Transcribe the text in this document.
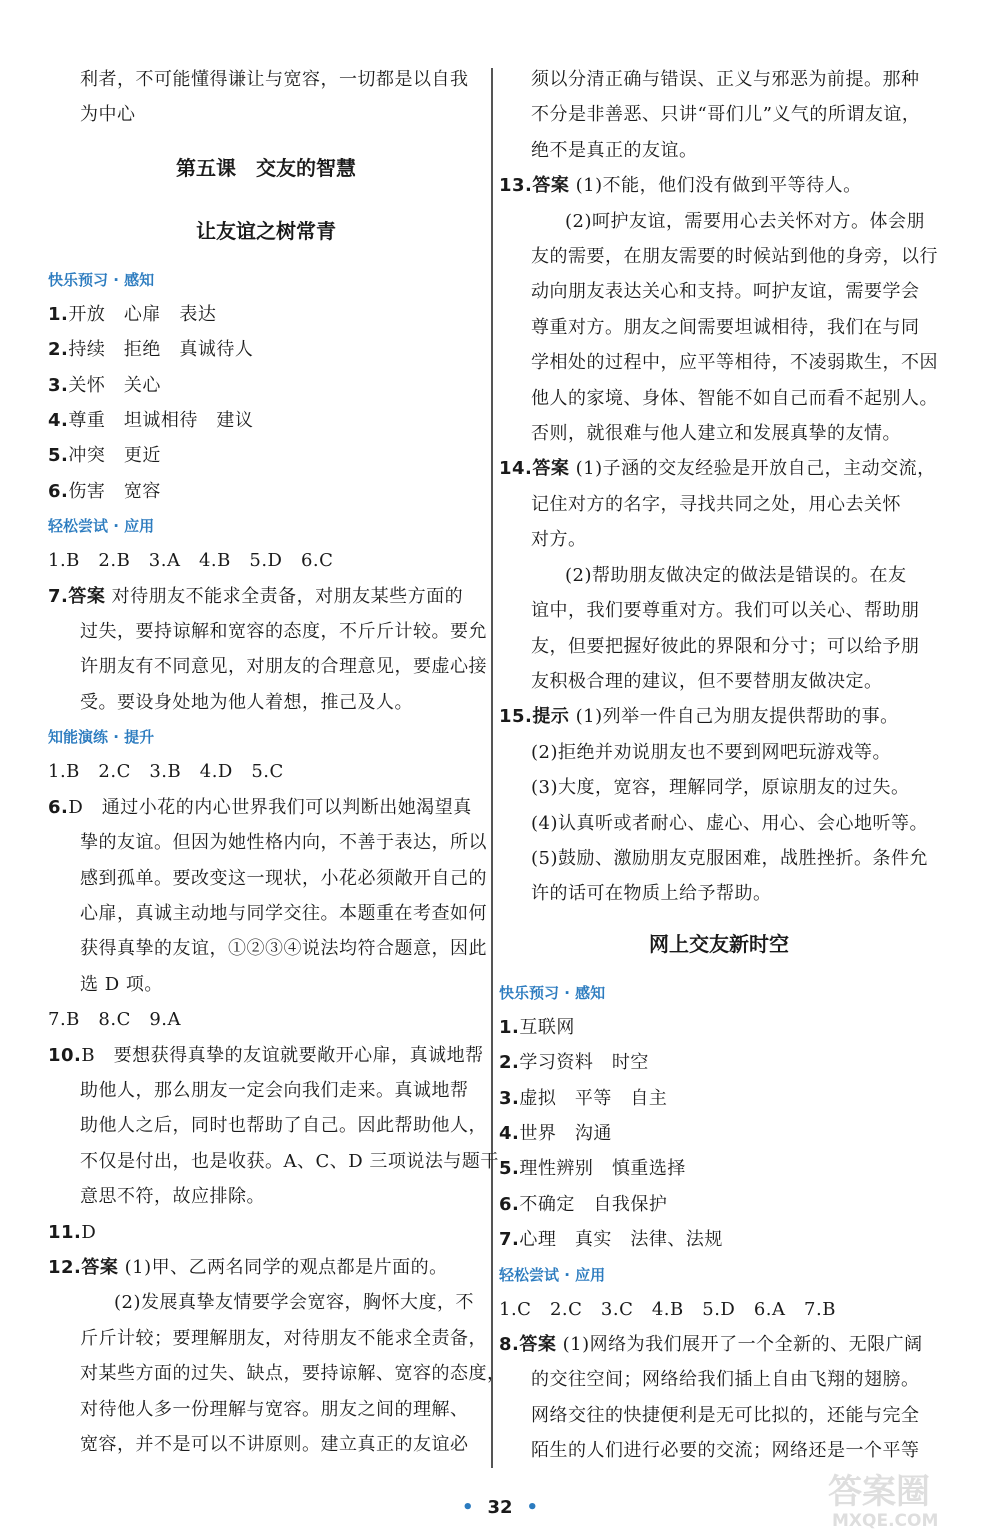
利者，不可能懂得谦让与宽容，一切都是以自我
为中心
第五课　交友的智慧
让友谊之树常青
快乐预习 · 感知
1.开放　心扉　表达
2.持续　拒绝　真诚待人
3.关怀　关心
4.尊重　坦诚相待　建议
5.冲突　更近
6.伤害　宽容
轻松尝试 · 应用
1.B　2.B　3.A　4.B　5.D　6.C
7.答案 对待朋友不能求全责备，对朋友某些方面的
过失，要持谅解和宽容的态度，不斤斤计较。要允
许朋友有不同意见，对朋友的合理意见，要虚心接
受。要设身处地为他人着想，推己及人。
知能演练 · 提升
1.B　2.C　3.B　4.D　5.C
6.D　通过小花的内心世界我们可以判断出她渴望真
挚的友谊。但因为她性格内向，不善于表达，所以
感到孤单。要改变这一现状，小花必须敞开自己的
心扉，真诚主动地与同学交往。本题重在考查如何
获得真挚的友谊，①②③④说法均符合题意，因此
选 D 项。
7.B　8.C　9.A
10.B　要想获得真挚的友谊就要敞开心扉，真诚地帮
助他人，那么朋友一定会向我们走来。真诚地帮
助他人之后，同时也帮助了自己。因此帮助他人，
不仅是付出，也是收获。A、C、D 三项说法与题干
意思不符，故应排除。
11.D
12.答案 (1)甲、乙两名同学的观点都是片面的。
(2)发展真挚友情要学会宽容，胸怀大度，不
斤斤计较；要理解朋友，对待朋友不能求全责备，
对某些方面的过失、缺点，要持谅解、宽容的态度，
对待他人多一份理解与宽容。朋友之间的理解、
宽容，并不是可以不讲原则。建立真正的友谊必
须以分清正确与错误、正义与邪恶为前提。那种
不分是非善恶、只讲“哥们儿”义气的所谓友谊，
绝不是真正的友谊。
13.答案 (1)不能，他们没有做到平等待人。
(2)呵护友谊，需要用心去关怀对方。体会朋
友的需要，在朋友需要的时候站到他的身旁，以行
动向朋友表达关心和支持。呵护友谊，需要学会
尊重对方。朋友之间需要坦诚相待，我们在与同
学相处的过程中，应平等相待，不凌弱欺生，不因
他人的家境、身体、智能不如自己而看不起别人。
否则，就很难与他人建立和发展真挚的友情。
14.答案 (1)子涵的交友经验是开放自己，主动交流，
记住对方的名字，寻找共同之处，用心去关怀
对方。
(2)帮助朋友做决定的做法是错误的。在友
谊中，我们要尊重对方。我们可以关心、帮助朋
友，但要把握好彼此的界限和分寸；可以给予朋
友积极合理的建议，但不要替朋友做决定。
15.提示 (1)列举一件自己为朋友提供帮助的事。
(2)拒绝并劝说朋友也不要到网吧玩游戏等。
(3)大度，宽容，理解同学，原谅朋友的过失。
(4)认真听或者耐心、虚心、用心、会心地听等。
(5)鼓励、激励朋友克服困难，战胜挫折。条件允
许的话可在物质上给予帮助。
网上交友新时空
快乐预习 · 感知
1.互联网
2.学习资料　时空
3.虚拟　平等　自主
4.世界　沟通
5.理性辨别　慎重选择
6.不确定　自我保护
7.心理　真实　法律、法规
轻松尝试 · 应用
1.C　2.C　3.C　4.B　5.D　6.A　7.B
8.答案 (1)网络为我们展开了一个全新的、无限广阔
的交往空间；网络给我们插上自由飞翔的翅膀。
网络交往的快捷便利是无可比拟的，还能与完全
陌生的人们进行必要的交流；网络还是一个平等
• 32 •	答案圈
MXQE.COM
